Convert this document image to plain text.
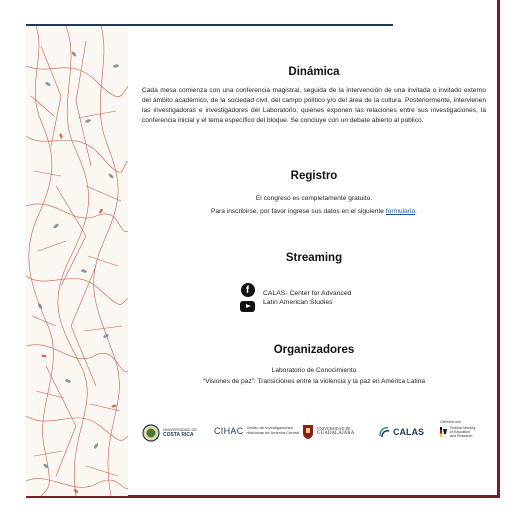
Dinámica
Cada mesa comienza con una conferencia magistral, seguida de la intervención de una invitada o invitado externo del ámbito académico, de la sociedad civil, del campo político y/o del área de la cultura. Posteriormente, intervienen las investigadoras e investigadores del Laboratorio, quienes exponen las relaciones entre sus investigaciones, la conferencia inicial y el tema específico del bloque. Se concluye con un debate abierto al público.
Registro
El congreso es completamente gratuito.
Para inscribirse, por favor ingrese sus datos en el siguiente formulario.
Streaming
f	CALAS- Center for Advanced
Latin American Studies
Organizadores
Laboratorio de Conocimiento
“Visiones de paz”: Transiciones entre la violencia y la paz en América Latina
UNIVERSIDAD DE
COSTA RICA	CIHAC Centro de Investigaciones
Históricas de América Central
UNIVERSIDAD DE
GUADALAJARA	CALAS
Gefördert vom
Federal Ministry
of Education
and Research
